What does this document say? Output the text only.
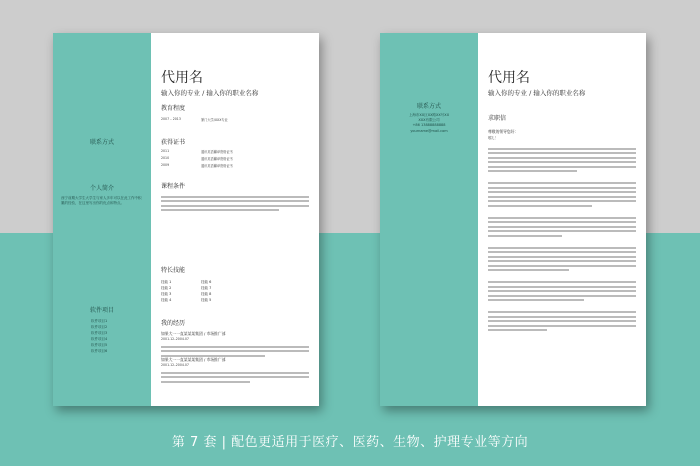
联系方式
个人简介
西宁前期大学生大学生与家人多年可以在此工作中积累的经验，在这里写出你的优点和特点。
软件项目
软件项目1
软件项目2
软件项目3
软件项目4
软件项目5
软件项目6
代用名
输入你的专业 / 输入你的职业名称
教育程度
2007 – 2013	厦门大学/XXX专业
获得证书
2011	通讯英语翻译资格证书
2010	通讯英语翻译资格证书
2009	通讯英语翻译资格证书
课程条件
特长技能
技能 1	技能 6
技能 2	技能 7
技能 3	技能 8
技能 4	技能 5
我的经历
如果大一一直某某某集团 / 市场推广部
2001.12–2004.07
如果大一一直某某某集团 / 市场推广部
2001.12–2004.07
联系方式
上海市XX区XX路XX号XX
XXX有限公司
+86 13888888888
yourname@mail.com
代用名
输入你的专业 / 输入你的职业名称
求职信
尊敬的领导您好：
敬礼！
第 7 套 | 配色更适用于医疗、医药、生物、护理专业等方向
